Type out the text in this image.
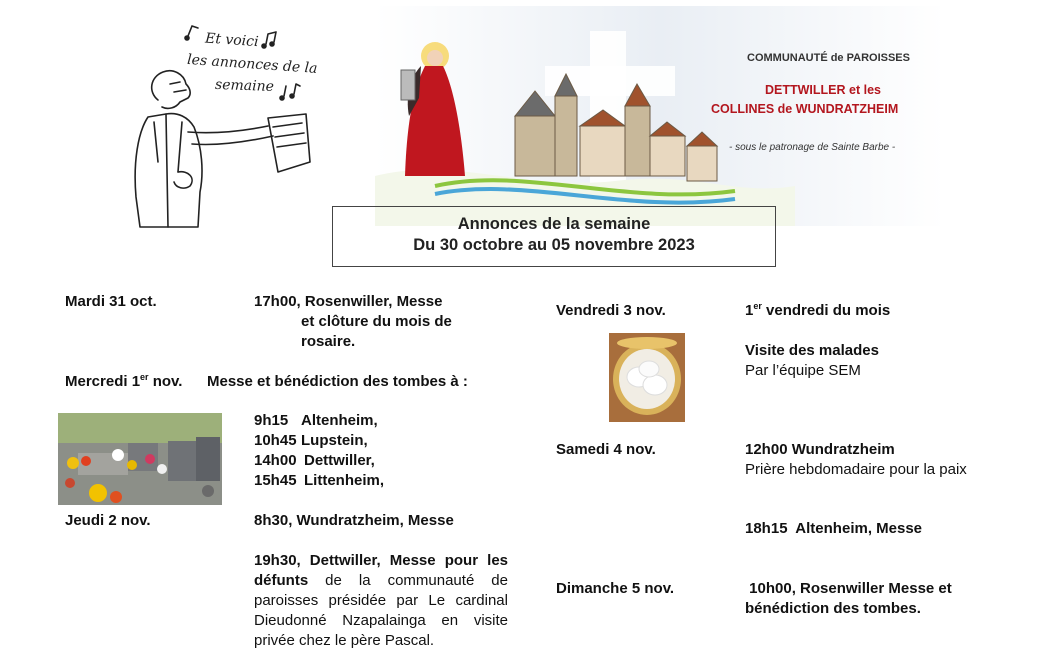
Et voici
les annonces de la
semaine
COMMUNAUTÉ de PAROISSES
DETTWILLER et les
COLLINES de WUNDRATZHEIM
- sous le patronage de Sainte Barbe -
Annonces de la semaine
Du 30 octobre au 05 novembre 2023
Mardi 31 oct.	17h00, Rosenwiller, Messe
et clôture du mois de
rosaire.
Mercredi 1er nov. Messe et bénédiction des tombes à :
9h15 Altenheim,
10h45 Lupstein,
14h00 Dettwiller,
15h45 Littenheim,
Jeudi 2 nov.	8h30, Wundratzheim, Messe
19h30, Dettwiller, Messe pour les défunts de la communauté de paroisses présidée par Le cardinal Dieudonné Nzapalainga en visite privée chez le père Pascal.
Vendredi 3 nov.	1er vendredi du mois
Visite des malades
Par l’équipe SEM
Samedi 4 nov.	12h00 Wundratzheim
Prière hebdomadaire pour la paix
18h15  Altenheim, Messe
Dimanche 5 nov.	10h00, Rosenwiller Messe et
bénédiction des tombes.
